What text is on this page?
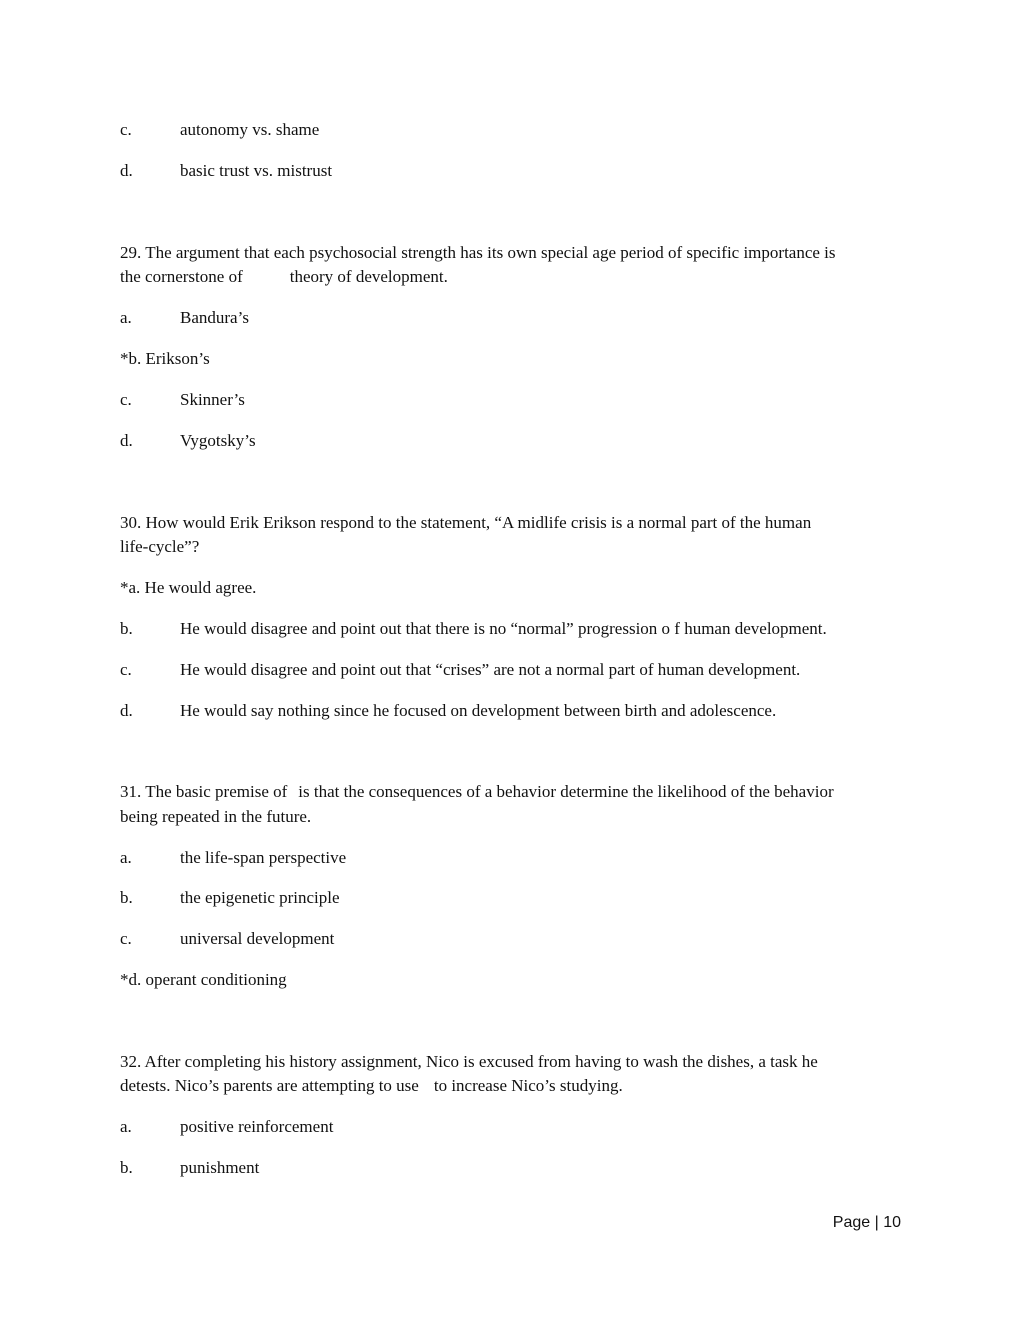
c.	autonomy vs. shame
d.	basic trust vs. mistrust
29. The argument that each psychosocial strength has its own special age period of specific importance is
the cornerstone of	theory of development.
a.	Bandura’s
*b. Erikson’s
c.	Skinner’s
d.	Vygotsky’s
30. How would Erik Erikson respond to the statement, “A midlife crisis is a normal part of the human
life-cycle”?
*a. He would agree.
b.	He would disagree and point out that there is no “normal” progression o f human development.
c.	He would disagree and point out that “crises” are not a normal part of human development.
d.	He would say nothing since he focused on development between birth and adolescence.
31. The basic premise of is that the consequences of a behavior determine the likelihood of the behavior
being repeated in the future.
a.	the life-span perspective
b.	the epigenetic principle
c.	universal development
*d. operant conditioning
32. After completing his history assignment, Nico is excused from having to wash the dishes, a task he
detests. Nico’s parents are attempting to use to increase Nico’s studying.
a.	positive reinforcement
b.	punishment
Page | 10
